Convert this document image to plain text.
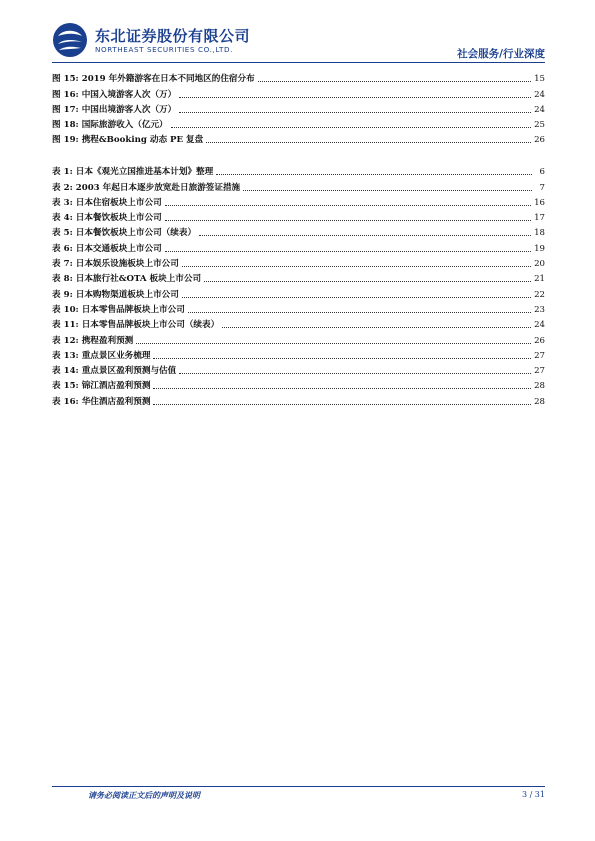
东北证券股份有限公司
NORTHEAST SECURITIES CO.,LTD.	社会服务/行业深度
图 15: 2019 年外籍游客在日本不同地区的住宿分布	15
图 16: 中国入境游客人次（万）	24
图 17: 中国出境游客人次（万）	24
图 18: 国际旅游收入（亿元）	25
图 19: 携程&Booking 动态 PE 复盘	26
表 1: 日本《观光立国推进基本计划》整理	6
表 2: 2003 年起日本逐步放宽赴日旅游签证措施	7
表 3: 日本住宿板块上市公司	16
表 4: 日本餐饮板块上市公司	17
表 5: 日本餐饮板块上市公司（续表）	18
表 6: 日本交通板块上市公司	19
表 7: 日本娱乐设施板块上市公司	20
表 8: 日本旅行社&OTA 板块上市公司	21
表 9: 日本购物渠道板块上市公司	22
表 10: 日本零售品牌板块上市公司	23
表 11: 日本零售品牌板块上市公司（续表）	24
表 12: 携程盈利预测	26
表 13: 重点景区业务梳理	27
表 14: 重点景区盈利预测与估值	27
表 15: 锦江酒店盈利预测	28
表 16: 华住酒店盈利预测	28
请务必阅读正文后的声明及说明	3 / 31
